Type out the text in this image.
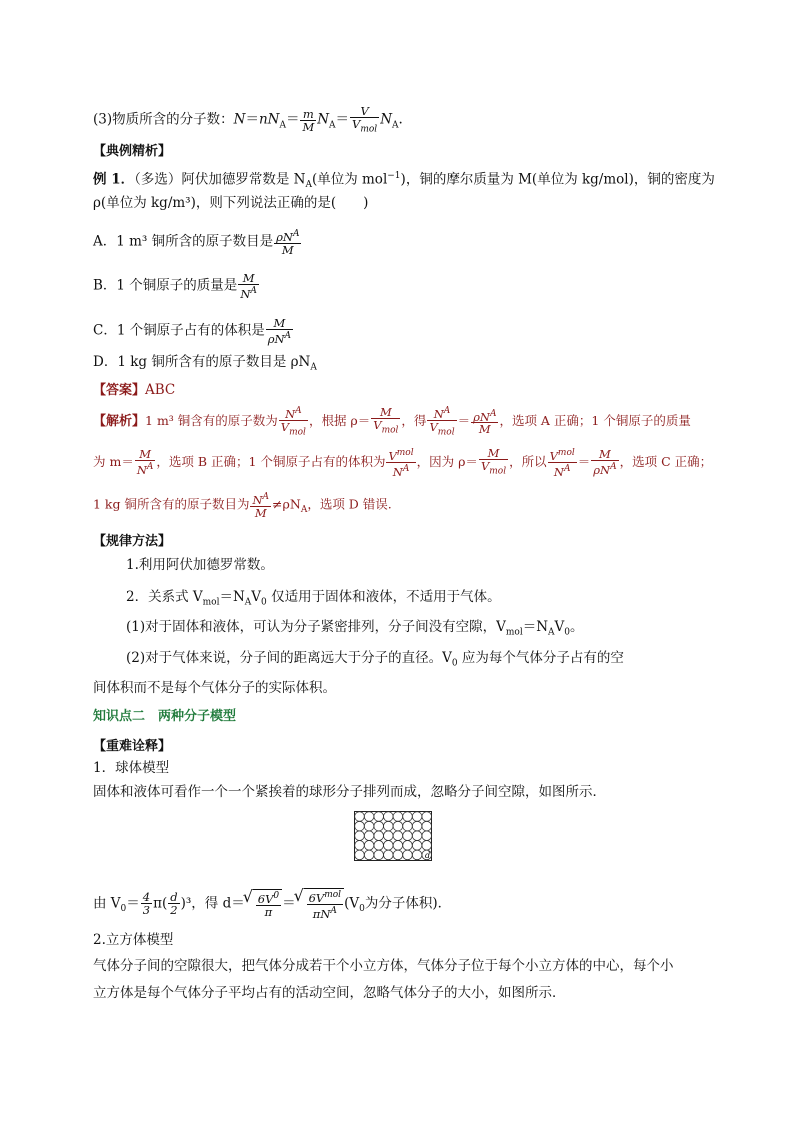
(3)物质所含的分子数：$N=nN_A= \frac{m}{M} N_A= \frac{V}{V_{mol}} N_A$.
【典例精析】
例 1．（多选）阿伏加德罗常数是 $N_A$(单位为 mol$^{-1}$)，铜的摩尔质量为 M(单位为 kg/mol)，铜的密度为
ρ(单位为 kg/m³)，则下列说法正确的是(　　)
A．1 m³ 铜所含的原子数目是 $\frac{\rho N^A}{M}$
B．1 个铜原子的质量是 $\frac{M}{N^A}$
C．1 个铜原子占有的体积是 $\frac{M}{\rho N^A}$
D．1 kg 铜所含有的原子数目是 $\rho N_A$
【答案】ABC
【解析】1 m³ 铜含有的原子数为 $\frac{N^A}{V_{mol}}$ ，根据 $\rho= \frac{M}{V_{mol}}$ ，得 $\frac{N^A}{V_{mol}} = \frac{\rho N^A}{M}$ ，选项 A 正确；1 个铜原子的质量
为 $m= \frac{M}{N^A}$ ，选项 B 正确；1 个铜原子占有的体积为 $\frac{V^{mol}}{N^A}$ ，因为 $\rho= \frac{M}{V_{mol}}$ ，所以 $\frac{V^{mol}}{N^A} = \frac{M}{\rho N^A}$ ，选项 C 正确；
1 kg 铜所含有的原子数目为 $\frac{N^A}{M} \ne\rho N_A$，选项 D 错误.
【规律方法】
1.利用阿伏加德罗常数。
2．关系式 $V_{mol}=N_AV_0$ 仅适用于固体和液体，不适用于气体。
(1)对于固体和液体，可认为分子紧密排列，分子间没有空隙，$V_{mol}=N_AV_0$。
(2)对于气体来说，分子间的距离远大于分子的直径。$V_0$ 应为每个气体分子占有的空
间体积而不是每个气体分子的实际体积。
知识点二　两种分子模型
【重难诠释】
1．球体模型
固体和液体可看作一个一个紧挨着的球形分子排列而成，忽略分子间空隙，如图所示．
d
由 $V_0= \frac{4}{3} \pi( \frac{d}{2} )^3$，得 d＝ √ $\frac{6V^0}{\pi}$ ＝ √ $\frac{6V^{mol}}{\pi N^A} (V_0$为分子体积)．
2.立方体模型
气体分子间的空隙很大，把气体分成若干个小立方体，气体分子位于每个小立方体的中心，每个小
立方体是每个气体分子平均占有的活动空间，忽略气体分子的大小，如图所示．
